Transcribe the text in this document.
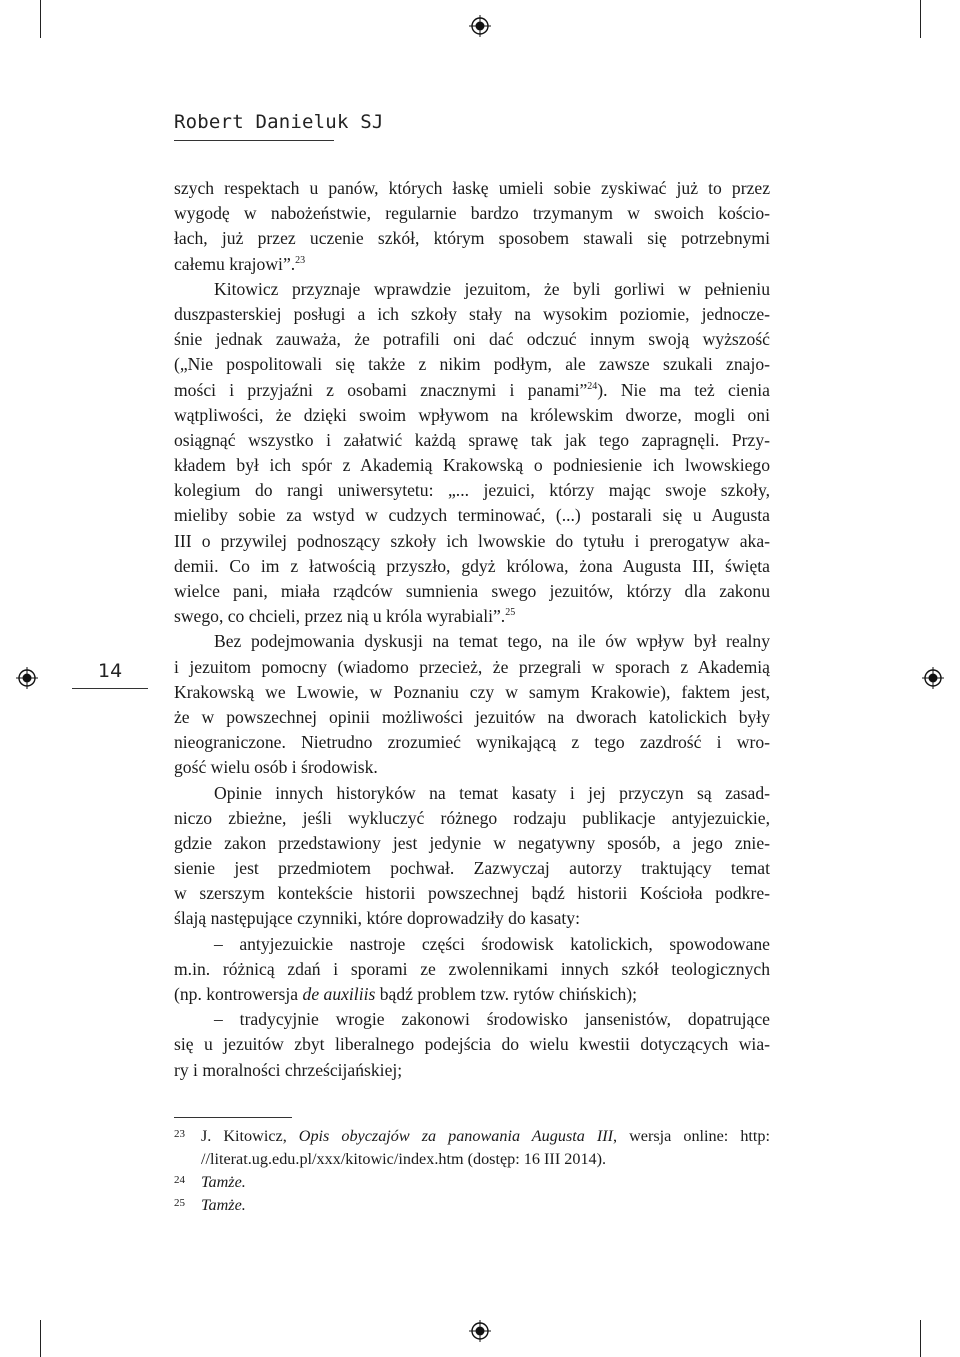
Robert Danieluk SJ
14
szych respektach u panów, których łaskę umieli sobie zyskiwać już to przez
wygodę w nabożeństwie, regularnie bardzo trzymanym w swoich kościo-
łach, już przez uczenie szkół, którym sposobem stawali się potrzebnymi
całemu krajowi”.$^{23}$
Kitowicz przyznaje wprawdzie jezuitom, że byli gorliwi w pełnieniu
duszpasterskiej posługi a ich szkoły stały na wysokim poziomie, jednocze-
śnie jednak zauważa, że potrafili oni dać odczuć innym swoją wyższość
(„Nie pospolitowali się także z nikim podłym, ale zawsze szukali znajo-
mości i przyjaźni z osobami znacznymi i panami”$^{24}$). Nie ma też cienia
wątpliwości, że dzięki swoim wpływom na królewskim dworze, mogli oni
osiągnąć wszystko i załatwić każdą sprawę tak jak tego zapragnęli. Przy-
kładem był ich spór z Akademią Krakowską o podniesienie ich lwowskiego
kolegium do rangi uniwersytetu: „... jezuici, którzy mając swoje szkoły,
mieliby sobie za wstyd w cudzych terminować, (...) postarali się u Augusta
III o przywilej podnoszący szkoły ich lwowskie do tytułu i prerogatyw aka-
demii. Co im z łatwością przyszło, gdyż królowa, żona Augusta III, święta
wielce pani, miała rządców sumnienia swego jezuitów, którzy dla zakonu
swego, co chcieli, przez nią u króla wyrabiali”.$^{25}$
Bez podejmowania dyskusji na temat tego, na ile ów wpływ był realny
i jezuitom pomocny (wiadomo przecież, że przegrali w sporach z Akademią
Krakowską we Lwowie, w Poznaniu czy w samym Krakowie), faktem jest,
że w powszechnej opinii możliwości jezuitów na dworach katolickich były
nieograniczone. Nietrudno zrozumieć wynikającą z tego zazdrość i wro-
gość wielu osób i środowisk.
Opinie innych historyków na temat kasaty i jej przyczyn są zasad-
niczo zbieżne, jeśli wykluczyć różnego rodzaju publikacje antyjezuickie,
gdzie zakon przedstawiony jest jedynie w negatywny sposób, a jego znie-
sienie jest przedmiotem pochwał. Zazwyczaj autorzy traktujący temat
w szerszym kontekście historii powszechnej bądź historii Kościoła podkre-
ślają następujące czynniki, które doprowadziły do kasaty:
– antyjezuickie nastroje części środowisk katolickich, spowodowane
m.in. różnicą zdań i sporami ze zwolennikami innych szkół teologicznych
(np. kontrowersja de auxiliis bądź problem tzw. rytów chińskich);
– tradycyjnie wrogie zakonowi środowisko jansenistów, dopatrujące
się u jezuitów zbyt liberalnego podejścia do wielu kwestii dotyczących wia-
ry i moralności chrześcijańskiej;
23 J. Kitowicz, Opis obyczajów za panowania Augusta III, wersja online: http:
//literat.ug.edu.pl/xxx/kitowic/index.htm (dostęp: 16 III 2014).
24 Tamże.
25 Tamże.
